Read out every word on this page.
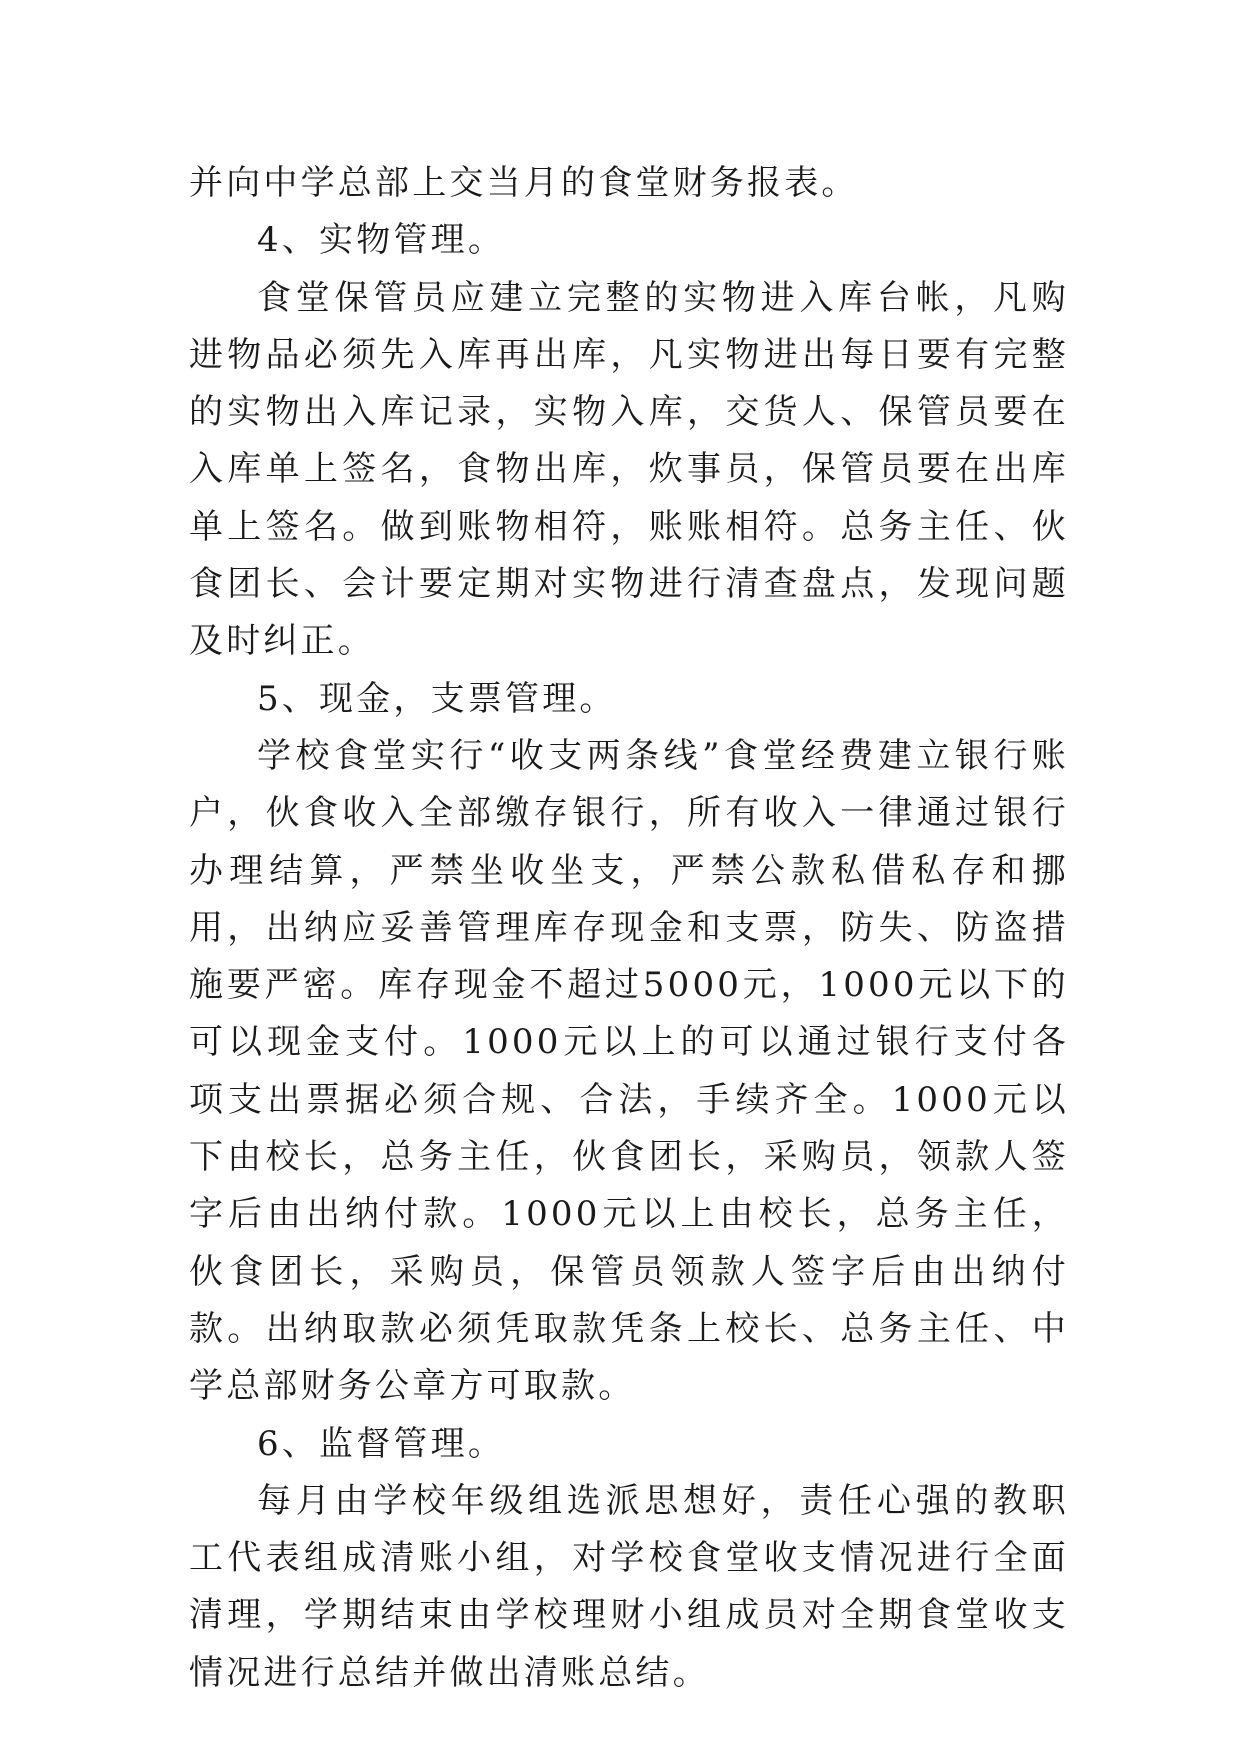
并向中学总部上交当月的食堂财务报表。

4、实物管理。

食堂保管员应建立完整的实物进入库台帐，凡购进物品必须先入库再出库，凡实物进出每日要有完整的实物出入库记录，实物入库，交货人、保管员要在入库单上签名，食物出库，炊事员，保管员要在出库单上签名。做到账物相符，账账相符。总务主任、伙食团长、会计要定期对实物进行清查盘点，发现问题及时纠正。

5、现金，支票管理。

学校食堂实行“收支两条线”食堂经费建立银行账户，伙食收入全部缴存银行，所有收入一律通过银行办理结算，严禁坐收坐支，严禁公款私借私存和挪用，出纳应妥善管理库存现金和支票，防失、防盗措施要严密。库存现金不超过5000元，1000元以下的可以现金支付。1000元以上的可以通过银行支付各项支出票据必须合规、合法，手续齐全。1000元以下由校长，总务主任，伙食团长，采购员，领款人签字后由出纳付款。1000元以上由校长，总务主任，伙食团长，采购员，保管员领款人签字后由出纳付款。出纳取款必须凭取款凭条上校长、总务主任、中学总部财务公章方可取款。

6、监督管理。

每月由学校年级组选派思想好，责任心强的教职工代表组成清账小组，对学校食堂收支情况进行全面清理，学期结束由学校理财小组成员对全期食堂收支情况进行总结并做出清账总结。
